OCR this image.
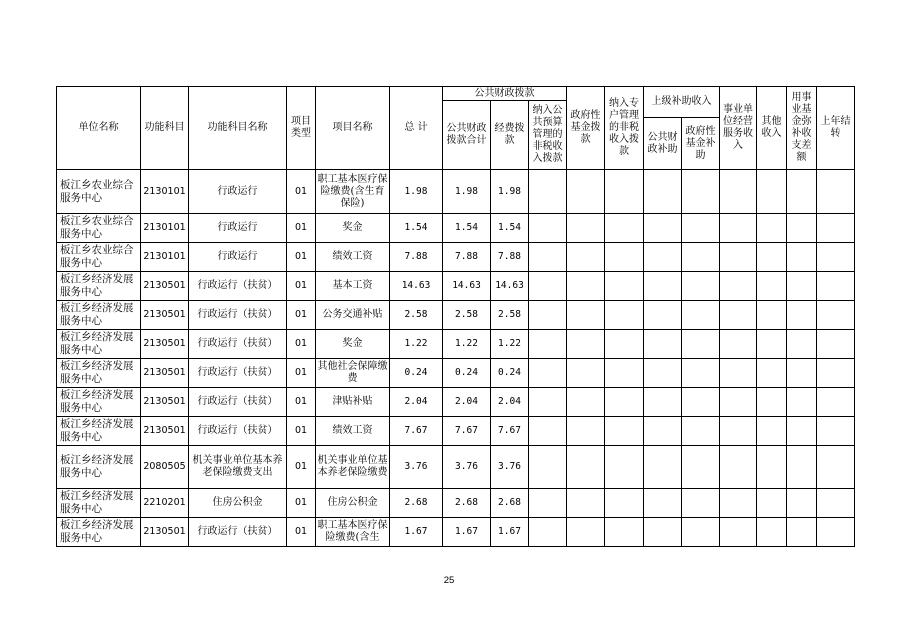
单位名称	功能科目	功能科目名称	项目类型	项目名称	总 计	公共财政拨款			政府性基金拨款	纳入专户管理的非税收入拨款	上级补助收入		事业单位经营服务收入	其他收入	用事业基金弥补收支差额	上年结转
						公共财政拨款合计	经费拨款	纳入公共预算管理的非税收入拨款								
											公共财政补助	政府性基金补助				
板江乡农业综合服务中心	2130101	行政运行	01	职工基本医疗保险缴费(含生育保险)	1.98	1.98	1.98									
板江乡农业综合服务中心	2130101	行政运行	01	奖金	1.54	1.54	1.54									
板江乡农业综合服务中心	2130101	行政运行	01	绩效工资	7.88	7.88	7.88									
板江乡经济发展服务中心	2130501	行政运行（扶贫）	01	基本工资	14.63	14.63	14.63									
板江乡经济发展服务中心	2130501	行政运行（扶贫）	01	公务交通补贴	2.58	2.58	2.58									
板江乡经济发展服务中心	2130501	行政运行（扶贫）	01	奖金	1.22	1.22	1.22									
板江乡经济发展服务中心	2130501	行政运行（扶贫）	01	其他社会保障缴费	0.24	0.24	0.24									
板江乡经济发展服务中心	2130501	行政运行（扶贫）	01	津贴补贴	2.04	2.04	2.04									
板江乡经济发展服务中心	2130501	行政运行（扶贫）	01	绩效工资	7.67	7.67	7.67									
板江乡经济发展服务中心	2080505	机关事业单位基本养老保险缴费支出	01	机关事业单位基本养老保险缴费	3.76	3.76	3.76									
板江乡经济发展服务中心	2210201	住房公积金	01	住房公积金	2.68	2.68	2.68									
板江乡经济发展服务中心	2130501	行政运行（扶贫）	01	职工基本医疗保险缴费(含生	1.67	1.67	1.67									
25
